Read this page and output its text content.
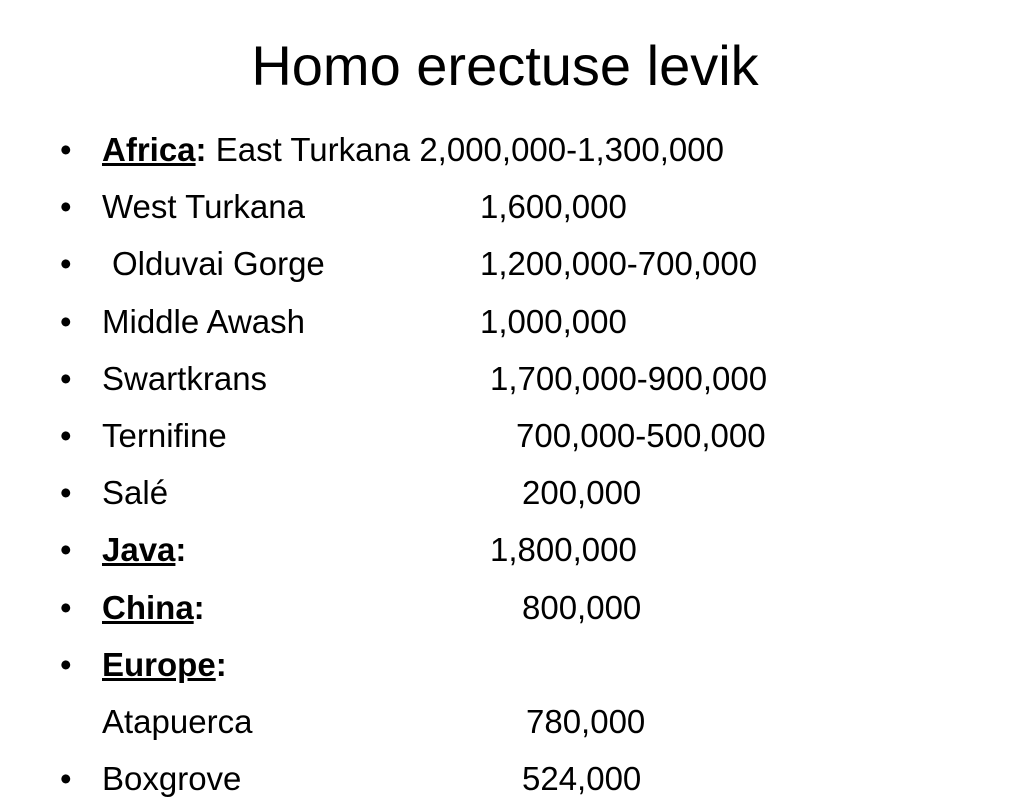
Homo erectuse levik
• Africa: East Turkana 2,000,000-1,300,000
• West Turkana	1,600,000
• Olduvai Gorge	1,200,000-700,000
• Middle Awash	1,000,000
• Swartkrans	1,700,000-900,000
• Ternifine	700,000-500,000
• Salé	200,000
• Java:	1,800,000
• China:	800,000
• Europe:
Atapuerca	780,000
• Boxgrove	524,000
